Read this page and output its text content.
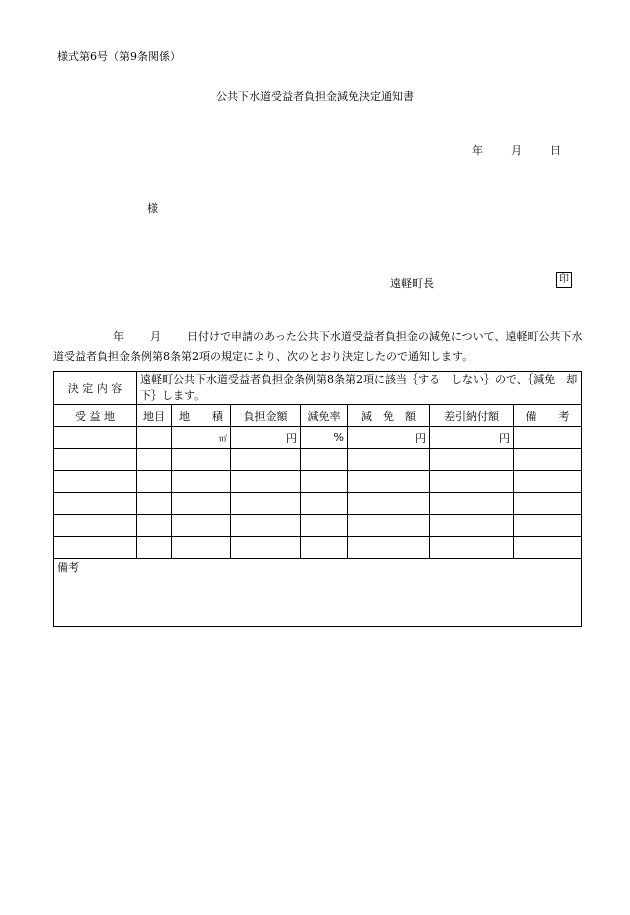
様式第6号（第9条関係）
公共下水道受益者負担金減免決定通知書
年	月	日
様
遠軽町長	印
年 月 日付けで申請のあった公共下水道受益者負担金の減免について、遠軽町公共下水道受益者負担金条例第8条第2項の規定により、次のとおり決定したので通知します。
決 定 内 容	遠軽町公共下水道受益者負担金条例第8条第2項に該当｛する　しない｝ので、｛減免　却下｝します。						
受 益 地	地目	地　　積	負担金額	減免率	減　免　額	差引納付額	備　　考
		㎡	円	%	円	円	

備考							
